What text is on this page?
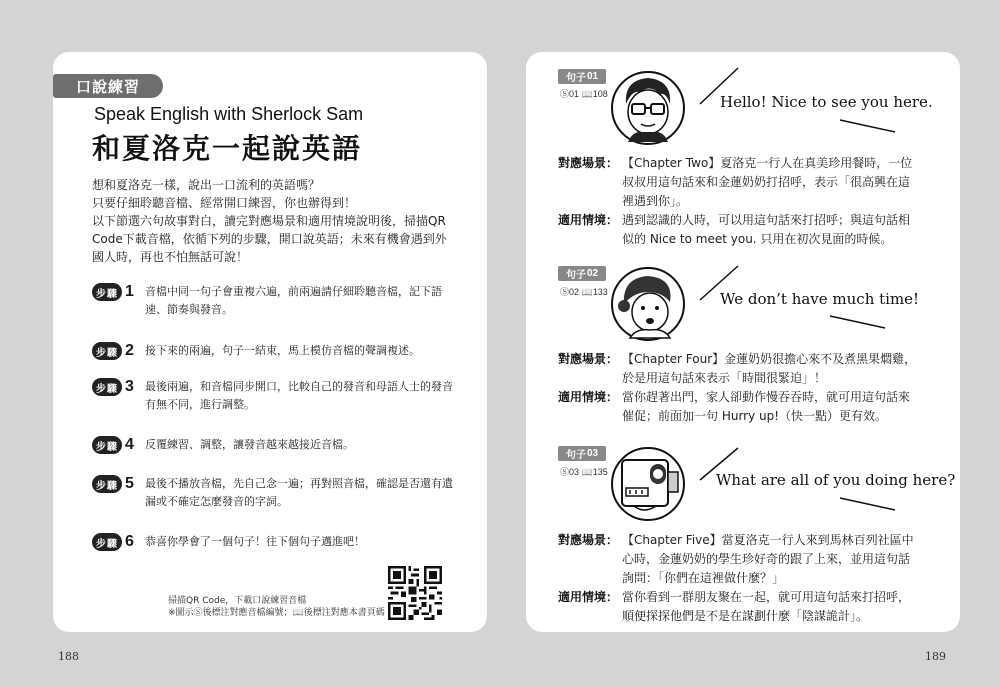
口說練習
Speak English with Sherlock Sam
和夏洛克一起說英語

想和夏洛克一樣，說出一口流利的英語嗎？

只要仔細聆聽音檔、經常開口練習，你也辦得到！

以下節選六句故事對白，讀完對應場景和適用情境說明後，掃描QR

Code下載音檔，依循下列的步驟，開口說英語；未來有機會遇到外

國人時，再也不怕無話可說！

步驟 1	音檔中同一句子會重複六遍，前兩遍請仔細聆聽音檔，記下語速、節奏與發音。
步驟 2	接下來的兩遍，句子一結束，馬上模仿音檔的聲調複述。
步驟 3	最後兩遍，和音檔同步開口，比較自己的發音和母語人士的發音有無不同，進行調整。
步驟 4	反覆練習、調整，讓發音越來越接近音檔。
步驟 5	最後不播放音檔，先自己念一遍；再對照音檔，確認是否還有遺漏或不確定怎麼發音的字詞。
步驟 6	恭喜你學會了一個句子！往下個句子邁進吧！

掃描QR Code，下載口說練習音檔

※圖示Ⓢ後標注對應音檔編號；📖後標注對應本書頁碼

188
句子 01
Ⓢ01 📖108	Hello! Nice to see you here.
對應場景： 【Chapter Two】夏洛克一行人在真美珍用餐時，一位叔叔用這句話來和金蓮奶奶打招呼，表示「很高興在這裡遇到你」。
適用情境： 遇到認識的人時，可以用這句話來打招呼；與這句話相似的 Nice to meet you. 只用在初次見面的時候。
句子 02
Ⓢ02 📖133	We don’t have much time!
對應場景： 【Chapter Four】金蓮奶奶很擔心來不及煮黑果燜雞，於是用這句話來表示「時間很緊迫」！
適用情境： 當你趕著出門，家人卻動作慢吞吞時，就可用這句話來催促；前面加一句 Hurry up!（快一點）更有效。
句子 03
Ⓢ03 📖135	What are all of you doing here?
對應場景： 【Chapter Five】當夏洛克一行人來到馬林百列社區中心時，金蓮奶奶的學生珍好奇的跟了上來，並用這句話詢問：「你們在這裡做什麼？」
適用情境： 當你看到一群朋友聚在一起，就可用這句話來打招呼，順便探探他們是不是在謀劃什麼「陰謀詭計」。
189
